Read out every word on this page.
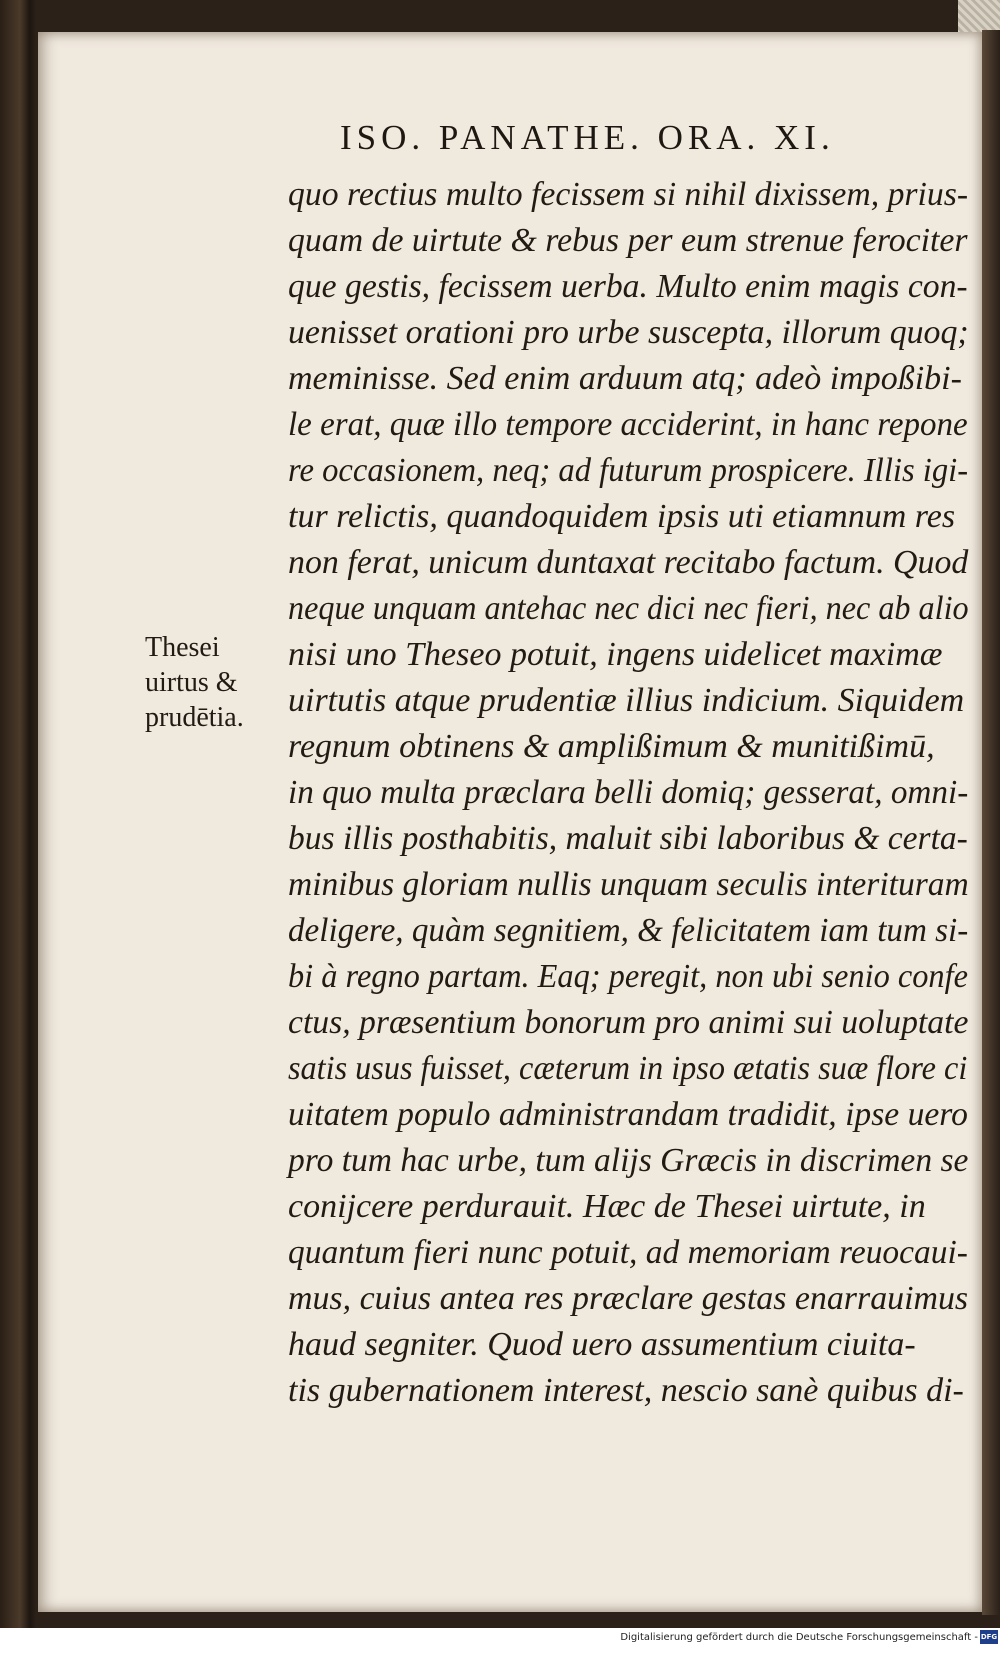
ISO. PANATHE. ORA. XI.
Thesei
uirtus &
prudētia.
quo rectius multo fecissem si nihil dixissem, prius-
quam de uirtute & rebus per eum strenue ferociter
que gestis, fecissem uerba. Multo enim magis con-
uenisset orationi pro urbe suscepta, illorum quoq;
meminisse. Sed enim arduum atq; adeò impoßibi-
le erat, quæ illo tempore acciderint, in hanc repone
re occasionem, neq; ad futurum prospicere. Illis igi-
tur relictis, quandoquidem ipsis uti etiamnum res
non ferat, unicum duntaxat recitabo factum. Quod
neque unquam antehac nec dici nec fieri, nec ab alio
nisi uno Theseo potuit, ingens uidelicet maximæ
uirtutis atque prudentiæ illius indicium. Siquidem
regnum obtinens & amplißimum & munitißimū,
in quo multa præclara belli domiq; gesserat, omni-
bus illis posthabitis, maluit sibi laboribus & certa-
minibus gloriam nullis unquam seculis interituram
deligere, quàm segnitiem, & felicitatem iam tum si-
bi à regno partam. Eaq; peregit, non ubi senio confe
ctus, præsentium bonorum pro animi sui uoluptate
satis usus fuisset, cæterum in ipso ætatis suæ flore ci
uitatem populo administrandam tradidit, ipse uero
pro tum hac urbe, tum alijs Græcis in discrimen se
conijcere perdurauit. Hæc de Thesei uirtute, in
quantum fieri nunc potuit, ad memoriam reuocaui-
mus, cuius antea res præclare gestas enarrauimus
haud segniter. Quod uero assumentium ciuita-
tis gubernationem interest, nescio sanè quibus di-
Digitalisierung gefördert durch die Deutsche Forschungsgemeinschaft - DFG
